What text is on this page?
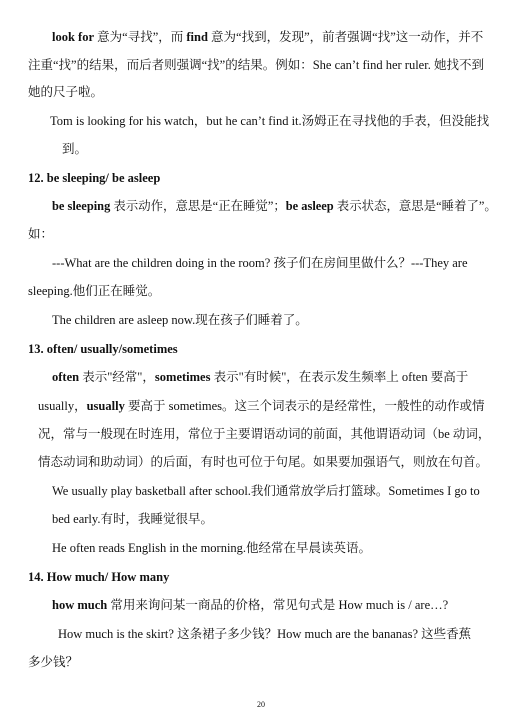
look for 意为“寻找”，而 find 意为“找到，发现”，前者强调“找”这一动作，并不
注重“找”的结果，而后者则强调“找”的结果。例如：She can’t find her ruler. 她找不到
她的尺子啦。
Tom is looking for his watch，but he can’t find it.汤姆正在寻找他的手表，但没能找
到。
12. be sleeping/ be asleep
be sleeping 表示动作，意思是“正在睡觉”；be asleep 表示状态，意思是“睡着了”。
如：
---What are the children doing in the room? 孩子们在房间里做什么？---They are
sleeping.他们正在睡觉。
The children are asleep now.现在孩子们睡着了。
13. often/ usually/sometimes
often 表示"经常"，sometimes 表示"有时候"，在表示发生频率上 often 要高于
usually，usually 要高于 sometimes。这三个词表示的是经常性，一般性的动作或情
况，常与一般现在时连用，常位于主要谓语动词的前面，其他谓语动词（be 动词，
情态动词和助动词）的后面，有时也可位于句尾。如果要加强语气，则放在句首。
We usually play basketball after school.我们通常放学后打篮球。Sometimes I go to
bed early.有时，我睡觉很早。
He often reads English in the morning.他经常在早晨读英语。
14. How much/ How many
how much 常用来询问某一商品的价格，常见句式是 How much is / are…?
How much is the skirt? 这条裙子多少钱？How much are the bananas? 这些香蕉
多少钱？
20
